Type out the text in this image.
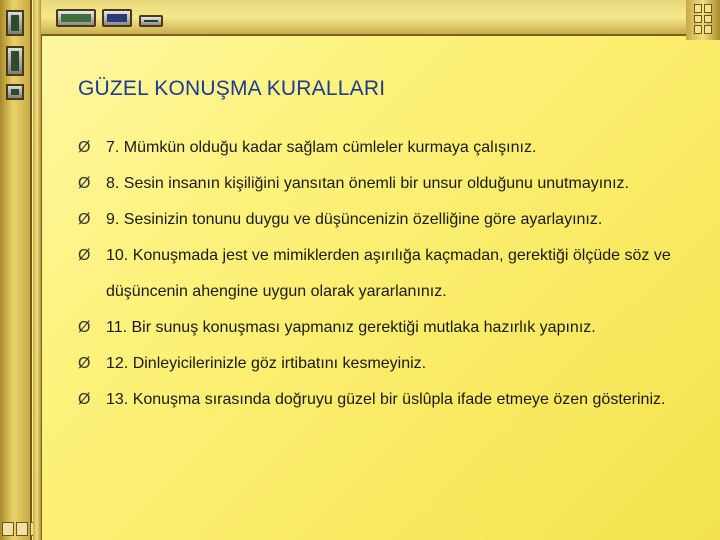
GÜZEL KONUŞMA KURALLARI
Ø 7. Mümkün olduğu kadar sağlam cümleler kurmaya çalışınız.
Ø 8. Sesin insanın kişiliğini yansıtan önemli bir unsur olduğunu unutmayınız.
Ø 9. Sesinizin tonunu duygu ve düşüncenizin özelliğine göre ayarlayınız.
Ø 10. Konuşmada jest ve mimiklerden aşırılığa kaçmadan, gerektiği ölçüde söz ve düşüncenin ahengine uygun olarak yararlanınız.
Ø 11. Bir sunuş konuşması yapmanız gerektiği mutlaka hazırlık yapınız.
Ø 12. Dinleyicilerinizle göz irtibatını kesmeyiniz.
Ø 13. Konuşma sırasında doğruyu güzel bir üslûpla ifade etmeye özen gösteriniz.
